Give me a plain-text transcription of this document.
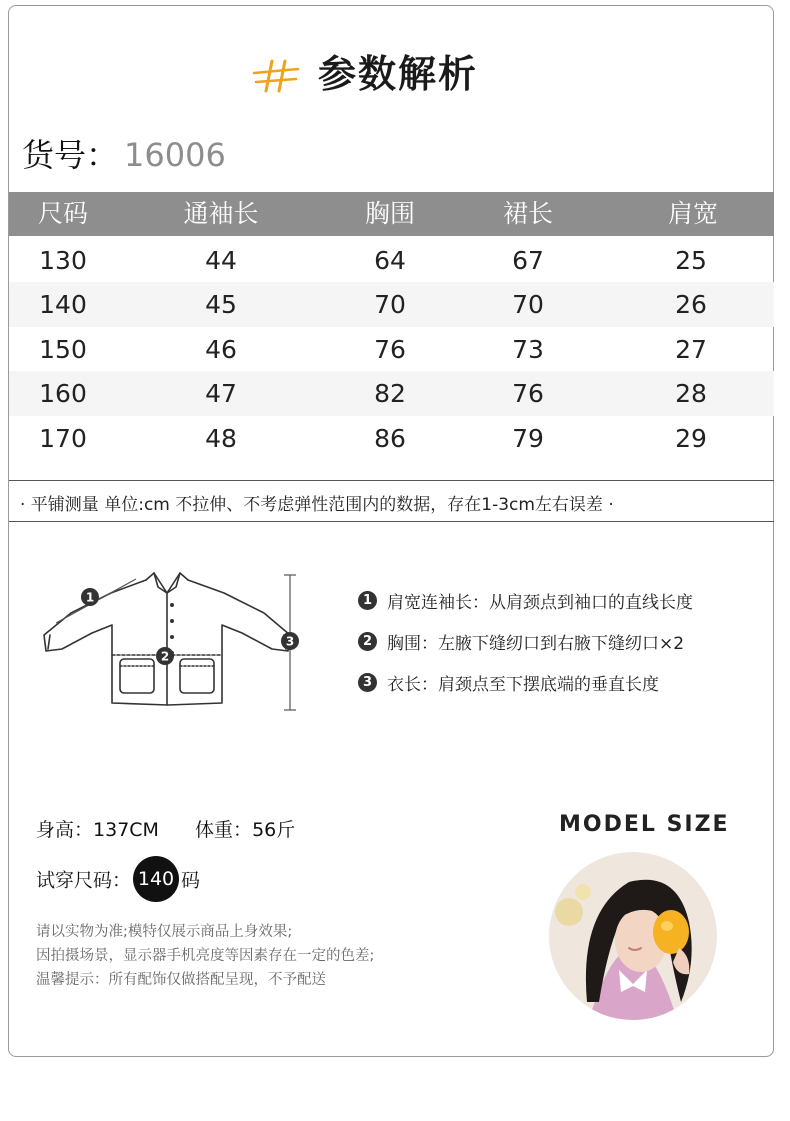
参数解析
货号： 16006
尺码	通袖长	胸围	裙长	肩宽
130	44	64	67	25
140	45	70	70	26
150	46	76	73	27
160	47	82	76	28
170	48	86	79	29
· 平铺测量 单位:cm 不拉伸、不考虑弹性范围内的数据，存在1-3cm左右误差 ·
1
2
3
1 肩宽连袖长：从肩颈点到袖口的直线长度
2 胸围：左腋下缝纫口到右腋下缝纫口×2
3 衣长：肩颈点至下摆底端的垂直长度
身高：137CM 体重：56斤
试穿尺码： 140 码
请以实物为准;模特仅展示商品上身效果;
因拍摄场景，显示器手机亮度等因素存在一定的色差;
温馨提示：所有配饰仅做搭配呈现，不予配送
MODEL SIZE
